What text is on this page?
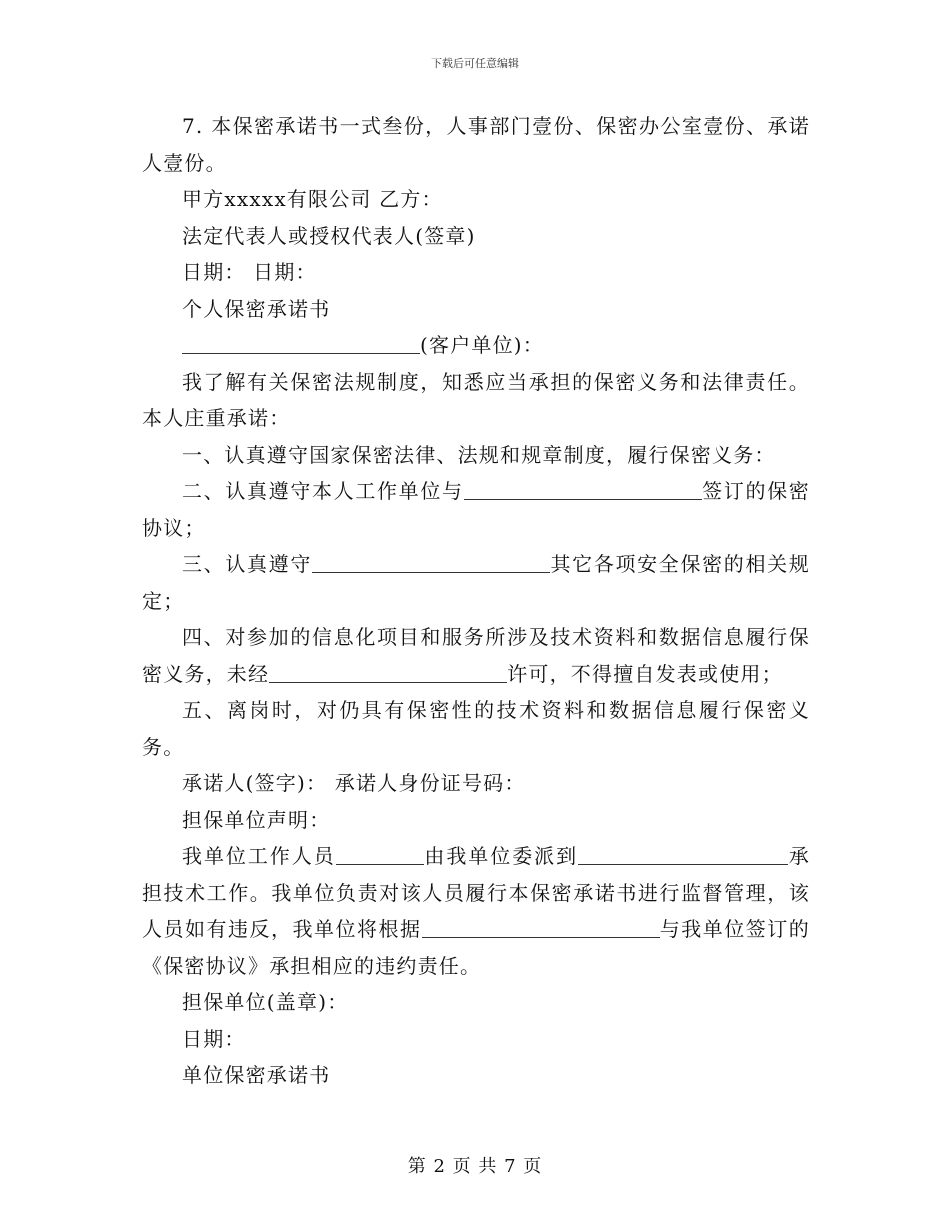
下载后可任意编辑

7. 本保密承诺书一式叁份，人事部门壹份、保密办公室壹份、承诺人壹份。

甲方xxxxx有限公司 乙方：

法定代表人或授权代表人(签章)

日期： 日期：

个人保密承诺书

(客户单位)：

我了解有关保密法规制度，知悉应当承担的保密义务和法律责任。本人庄重承诺：

一、认真遵守国家保密法律、法规和规章制度，履行保密义务：

二、认真遵守本人工作单位与	签订的保密协议；

三、认真遵守	其它各项安全保密的相关规定；

四、对参加的信息化项目和服务所涉及技术资料和数据信息履行保密义务，未经	许可，不得擅自发表或使用；

五、离岗时，对仍具有保密性的技术资料和数据信息履行保密义务。

承诺人(签字)： 承诺人身份证号码：

担保单位声明：

我单位工作人员	由我单位委派到	承担技术工作。我单位负责对该人员履行本保密承诺书进行监督管理，该人员如有违反，我单位将根据	与我单位签订的《保密协议》承担相应的违约责任。

担保单位(盖章)：

日期：

单位保密承诺书

第 2 页 共 7 页
